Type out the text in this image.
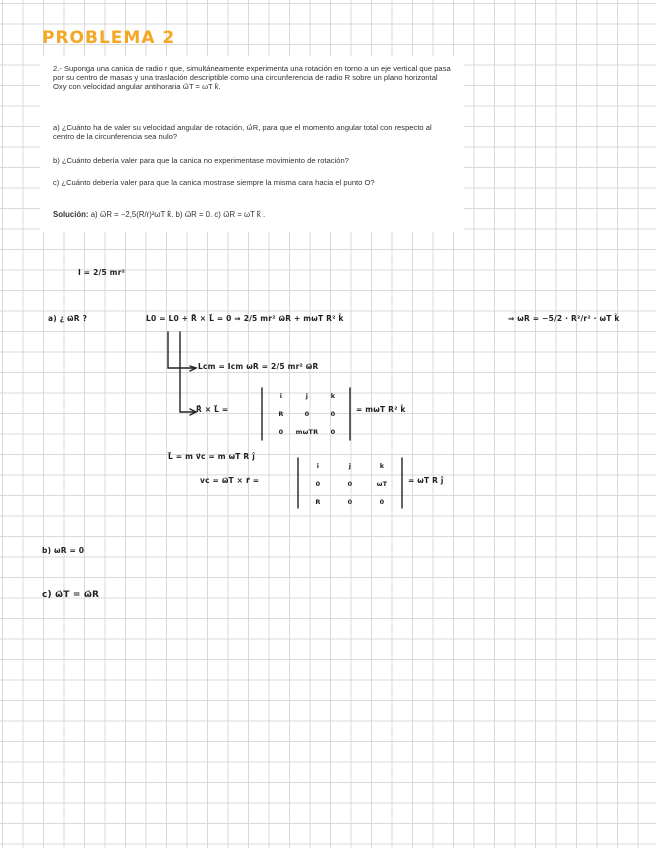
PROBLEMA 2
2.- Suponga una canica de radio r que, simultáneamente experimenta una rotación en torno a un eje vertical que pasa por su centro de masas y una traslación descriptible como una circunferencia de radio R sobre un plano horizontal Oxy con velocidad angular antihoraria ω⃗T = ωT k̂.
a) ¿Cuánto ha de valer su velocidad angular de rotación, ω⃗R, para que el momento angular total con respecto al centro de la circunferencia sea nulo?
b) ¿Cuánto debería valer para que la canica no experimentase movimiento de rotación?
c) ¿Cuánto debería valer para que la canica mostrase siempre la misma cara hacia el punto O?
Solución: a) ω⃗R = −2,5(R/r)²ωT k̂. b) ω⃗R = 0. c) ω⃗R = ωT k̂ .
I = 2/5 mr²
a) ¿ ω⃗R ?	L0 = L0 + R⃗ × L⃗ = 0 ⇒ 2/5 mr² ω⃗R + mωT R² k̂	⇒ ωR = −5/2 · R²/r² · ωT k̂
Lcm = Icm ωR = 2/5 mr² ω⃗R
R⃗ × L⃗ =
i	j	k
R	0	0
0	mωTR	0
= mωT R² k̂
L⃗ = m v⃗c = m ωT R ĵ
vc = ω⃗T × r⃗ =
i	j	k
0	0	ωT
R	0	0
= ωT R ĵ
b) ωR = 0
c) ω⃗T = ω⃗R
